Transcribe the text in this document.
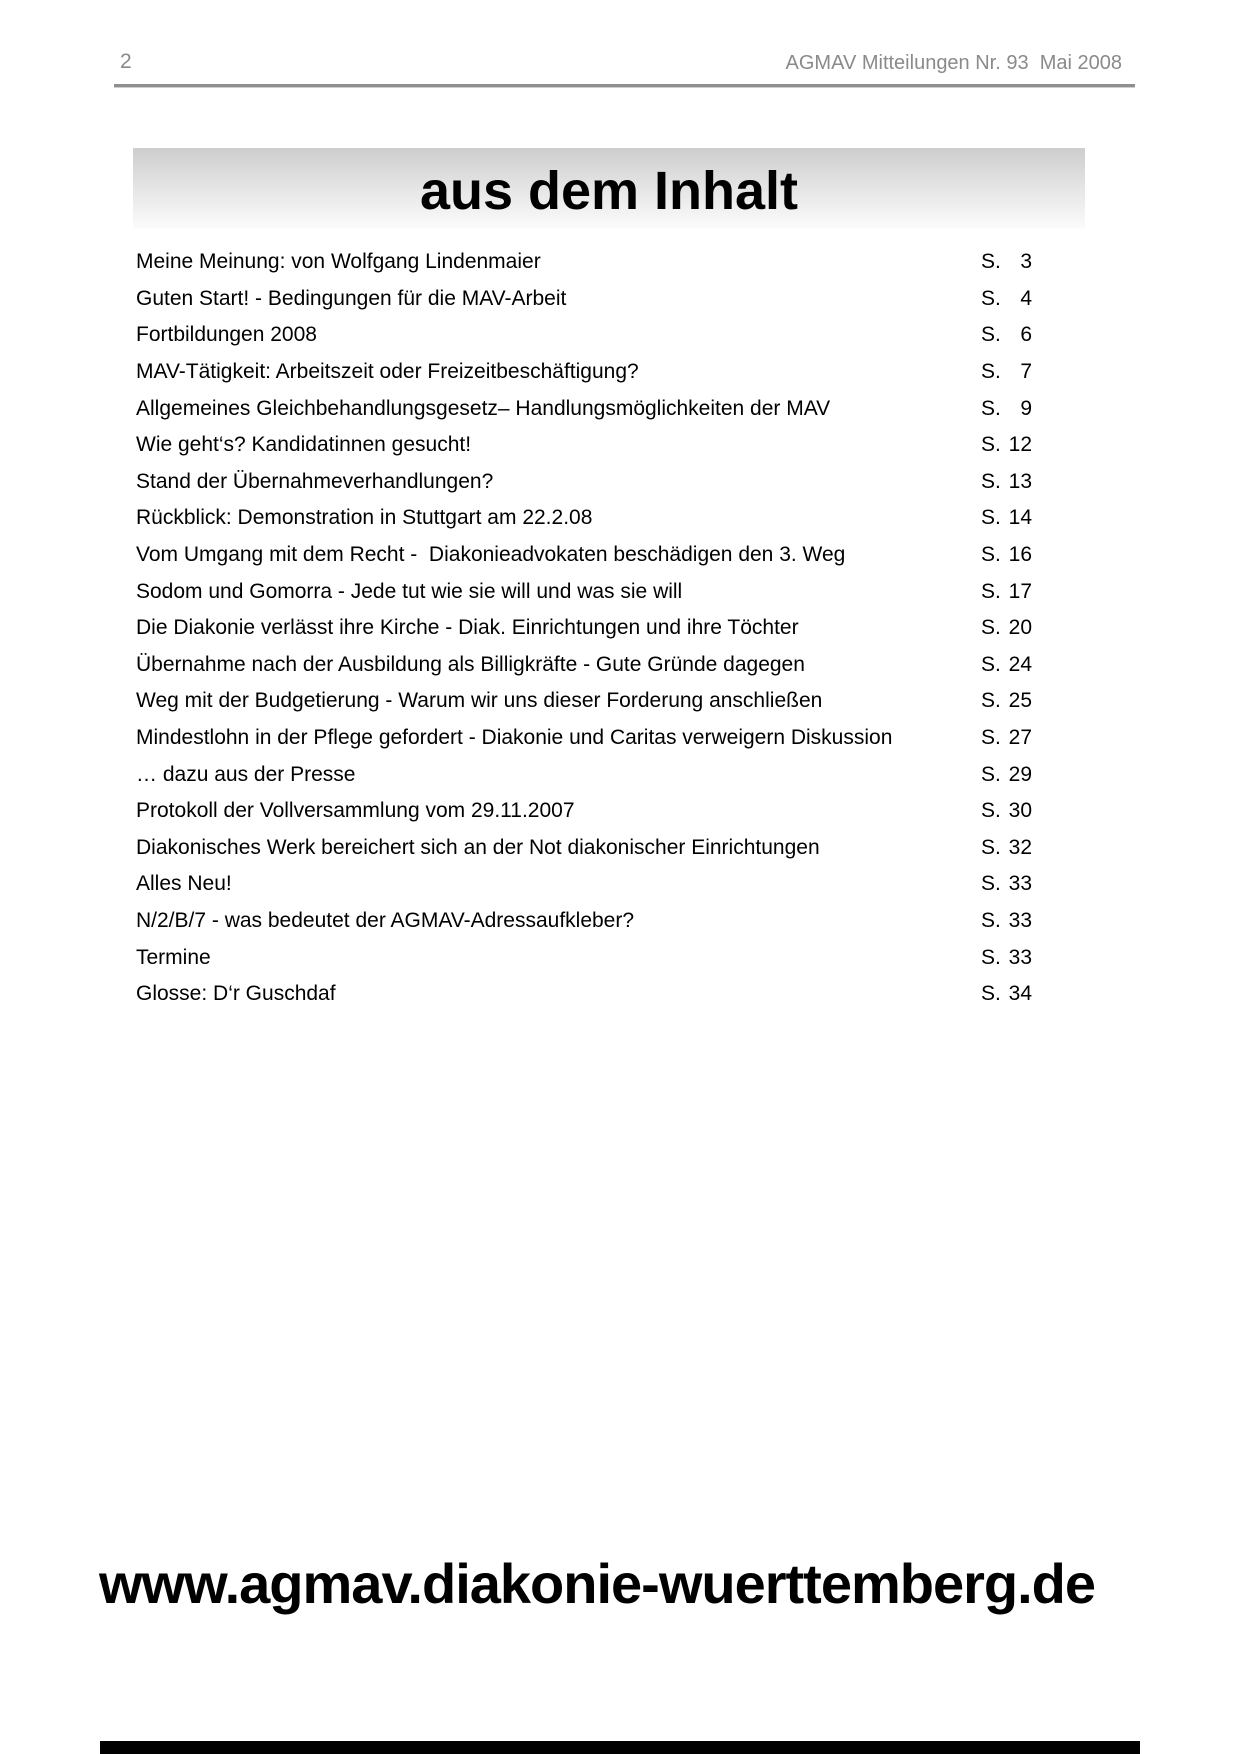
2	AGMAV Mitteilungen Nr. 93  Mai 2008
aus dem Inhalt
Meine Meinung: von Wolfgang Lindenmaier	S. 3
Guten Start! - Bedingungen für die MAV-Arbeit	S. 4
Fortbildungen 2008	S. 6
MAV-Tätigkeit: Arbeitszeit oder Freizeitbeschäftigung?	S. 7
Allgemeines Gleichbehandlungsgesetz– Handlungsmöglichkeiten der MAV	S. 9
Wie geht‘s? Kandidatinnen gesucht!	S. 12
Stand der Übernahmeverhandlungen?	S. 13
Rückblick: Demonstration in Stuttgart am 22.2.08	S. 14
Vom Umgang mit dem Recht -  Diakonieadvokaten beschädigen den 3. Weg	S. 16
Sodom und Gomorra - Jede tut wie sie will und was sie will	S. 17
Die Diakonie verlässt ihre Kirche - Diak. Einrichtungen und ihre Töchter	S. 20
Übernahme nach der Ausbildung als Billigkräfte - Gute Gründe dagegen	S. 24
Weg mit der Budgetierung - Warum wir uns dieser Forderung anschließen	S. 25
Mindestlohn in der Pflege gefordert - Diakonie und Caritas verweigern Diskussion	S. 27
… dazu aus der Presse	S. 29
Protokoll der Vollversammlung vom 29.11.2007	S. 30
Diakonisches Werk bereichert sich an der Not diakonischer Einrichtungen	S. 32
Alles Neu!	S. 33
N/2/B/7 - was bedeutet der AGMAV-Adressaufkleber?	S. 33
Termine	S. 33
Glosse: D‘r Guschdaf	S. 34
www.agmav.diakonie-wuerttemberg.de
